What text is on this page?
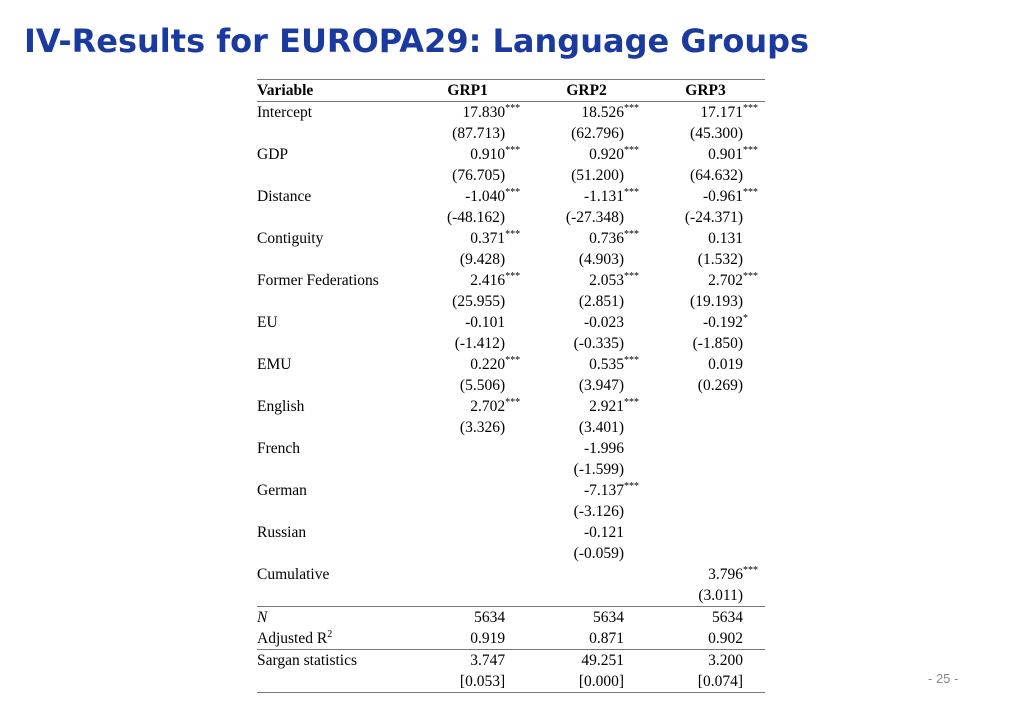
IV-Results for EUROPA29: Language Groups
Variable	GRP1	GRP2	GRP3
Intercept	17.830 ***	18.526 ***	17.171 ***

	(87.713)	(62.796)	(45.300)

GDP	0.910 ***	0.920 ***	0.901 ***

	(76.705)	(51.200)	(64.632)

Distance	-1.040 ***	-1.131 ***	-0.961 ***

	(-48.162)	(-27.348)	(-24.371)

Contiguity	0.371 ***	0.736 ***	0.131

	(9.428)	(4.903)	(1.532)

Former Federations	2.416 ***	2.053 ***	2.702 ***

	(25.955)	(2.851)	(19.193)

EU	-0.101	-0.023	-0.192 *

	(-1.412)	(-0.335)	(-1.850)

EMU	0.220 ***	0.535 ***	0.019

	(5.506)	(3.947)	(0.269)

English	2.702 ***	2.921 ***	

	(3.326)	(3.401)	

French		-1.996	

		(-1.599)	

German		-7.137 ***	

		(-3.126)	

Russian		-0.121	

		(-0.059)	

Cumulative			3.796 ***

			(3.011)

N	5634	5634	5634

Adjusted $R^2$	0.919	0.871	0.902

Sargan statistics	3.747	49.251	3.200

	[0.053]	[0.000]	[0.074]	- 25 -
